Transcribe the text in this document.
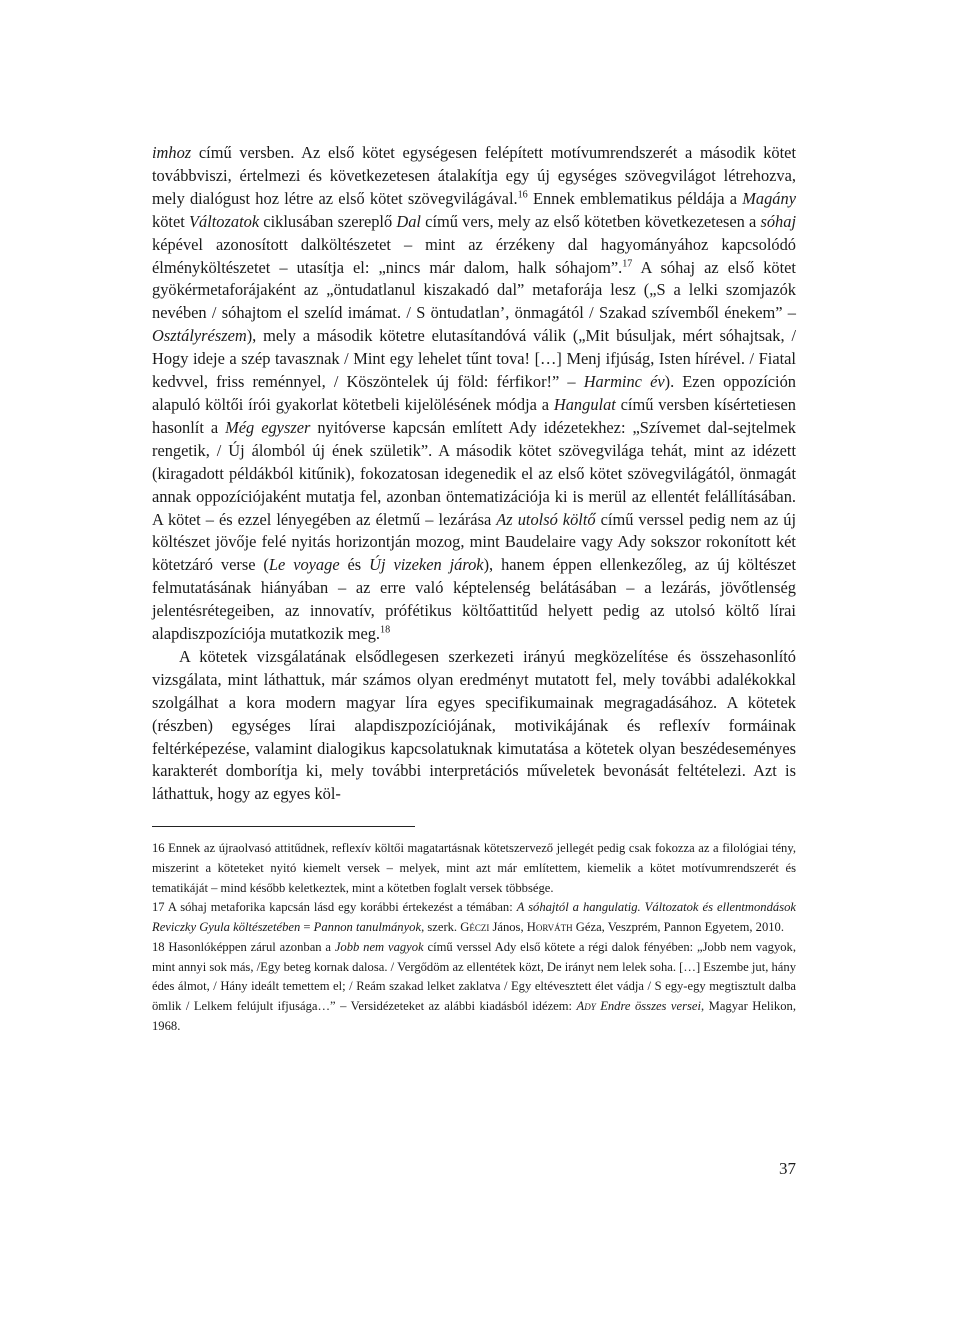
imhoz című versben. Az első kötet egységesen felépített motívumrendszerét a második kötet továbbviszi, értelmezi és következetesen átalakítja egy új egységes szövegvilágot létrehozva, mely dialógust hoz létre az első kötet szövegvilágával.$^{16}$ Ennek emblematikus példája a Magány kötet Változatok ciklusában szereplő Dal című vers, mely az első kötetben következetesen a sóhaj képével azonosított dalköltészetet – mint az érzékeny dal hagyományához kapcsolódó élményköltészetet – utasítja el: „nincs már dalom, halk sóhajom”.$^{17}$ A sóhaj az első kötet gyökérmetaforájaként az „öntudatlanul kiszakadó dal” metaforája lesz („S a lelki szomjazók nevében / sóhajtom el szelíd imámat. / S öntudatlan’, önmagától / Szakad szívemből énekem” – Osztályrészem), mely a második kötetre elutasítandóvá válik („Mit búsuljak, mért sóhajtsak, / Hogy ideje a szép tavasznak / Mint egy lehelet tűnt tova! […] Menj ifjúság, Isten hírével. / Fiatal kedvvel, friss reménnyel, / Köszöntelek új föld: férfikor!” – Harminc év). Ezen oppozíción alapuló költői írói gyakorlat kötetbeli kijelölésének módja a Hangulat című versben kísértetiesen hasonlít a Még egyszer nyitóverse kapcsán említett Ady idézetekhez: „Szívemet dal-sejtelmek rengetik, / Új álomból új ének születik”. A második kötet szövegvilága tehát, mint az idézett (kiragadott példákból kitűnik), fokozatosan idegenedik el az első kötet szövegvilágától, önmagát annak oppozíciójaként mutatja fel, azonban öntematizációja ki is merül az ellentét felállításában. A kötet – és ezzel lényegében az életmű – lezárása Az utolsó költő című verssel pedig nem az új költészet jövője felé nyitás horizontján mozog, mint Baudelaire vagy Ady sokszor rokonított két kötetzáró verse (Le voyage és Új vizeken járok), hanem éppen ellenkezőleg, az új költészet felmutatásának hiányában – az erre való képtelenség belátásában – a lezárás, jövőtlenség jelentésrétegeiben, az innovatív, prófétikus költőattitűd helyett pedig az utolsó költő lírai alapdiszpozíciója mutatkozik meg.$^{18}$

A kötetek vizsgálatának elsődlegesen szerkezeti irányú megközelítése és összehasonlító vizsgálata, mint láthattuk, már számos olyan eredményt mutatott fel, mely további adalékokkal szolgálhat a kora modern magyar líra egyes specifikumainak megragadásához. A kötetek (részben) egységes lírai alapdiszpozíciójának, motivikájának és reflexív formáinak feltérképezése, valamint dialogikus kapcsolatuknak kimutatása a kötetek olyan beszédeseményes karakterét domborítja ki, mely további interpretációs műveletek bevonását feltételezi. Azt is láthattuk, hogy az egyes köl-

16 Ennek az újraolvasó attitűdnek, reflexív költői magatartásnak kötetszervező jellegét pedig csak fokozza az a filológiai tény, miszerint a köteteket nyitó kiemelt versek – melyek, mint azt már említettem, kiemelik a kötet motívumrendszerét és tematikáját – mind később keletkeztek, mint a kötetben foglalt versek többsége.

17 A sóhaj metaforika kapcsán lásd egy korábbi értekezést a témában: A sóhajtól a hangulatig. Változatok és ellentmondások Reviczky Gyula költészetében = Pannon tanulmányok, szerk. Géczi János, Horváth Géza, Veszprém, Pannon Egyetem, 2010.

18 Hasonlóképpen zárul azonban a Jobb nem vagyok című verssel Ady első kötete a régi dalok fényében: „Jobb nem vagyok, mint annyi sok más, /Egy beteg kornak dalosa. / Vergődöm az ellentétek közt, De irányt nem lelek soha. […] Eszembe jut, hány édes álmot, / Hány ideált temettem el; / Reám szakad lelket zaklatva / Egy eltévesztett élet vádja / S egy-egy megtisztult dalba ömlik / Lelkem felújult ifjusága…” – Versidézeteket az alábbi kiadásból idézem: Ady Endre összes versei, Magyar Helikon, 1968.

37
